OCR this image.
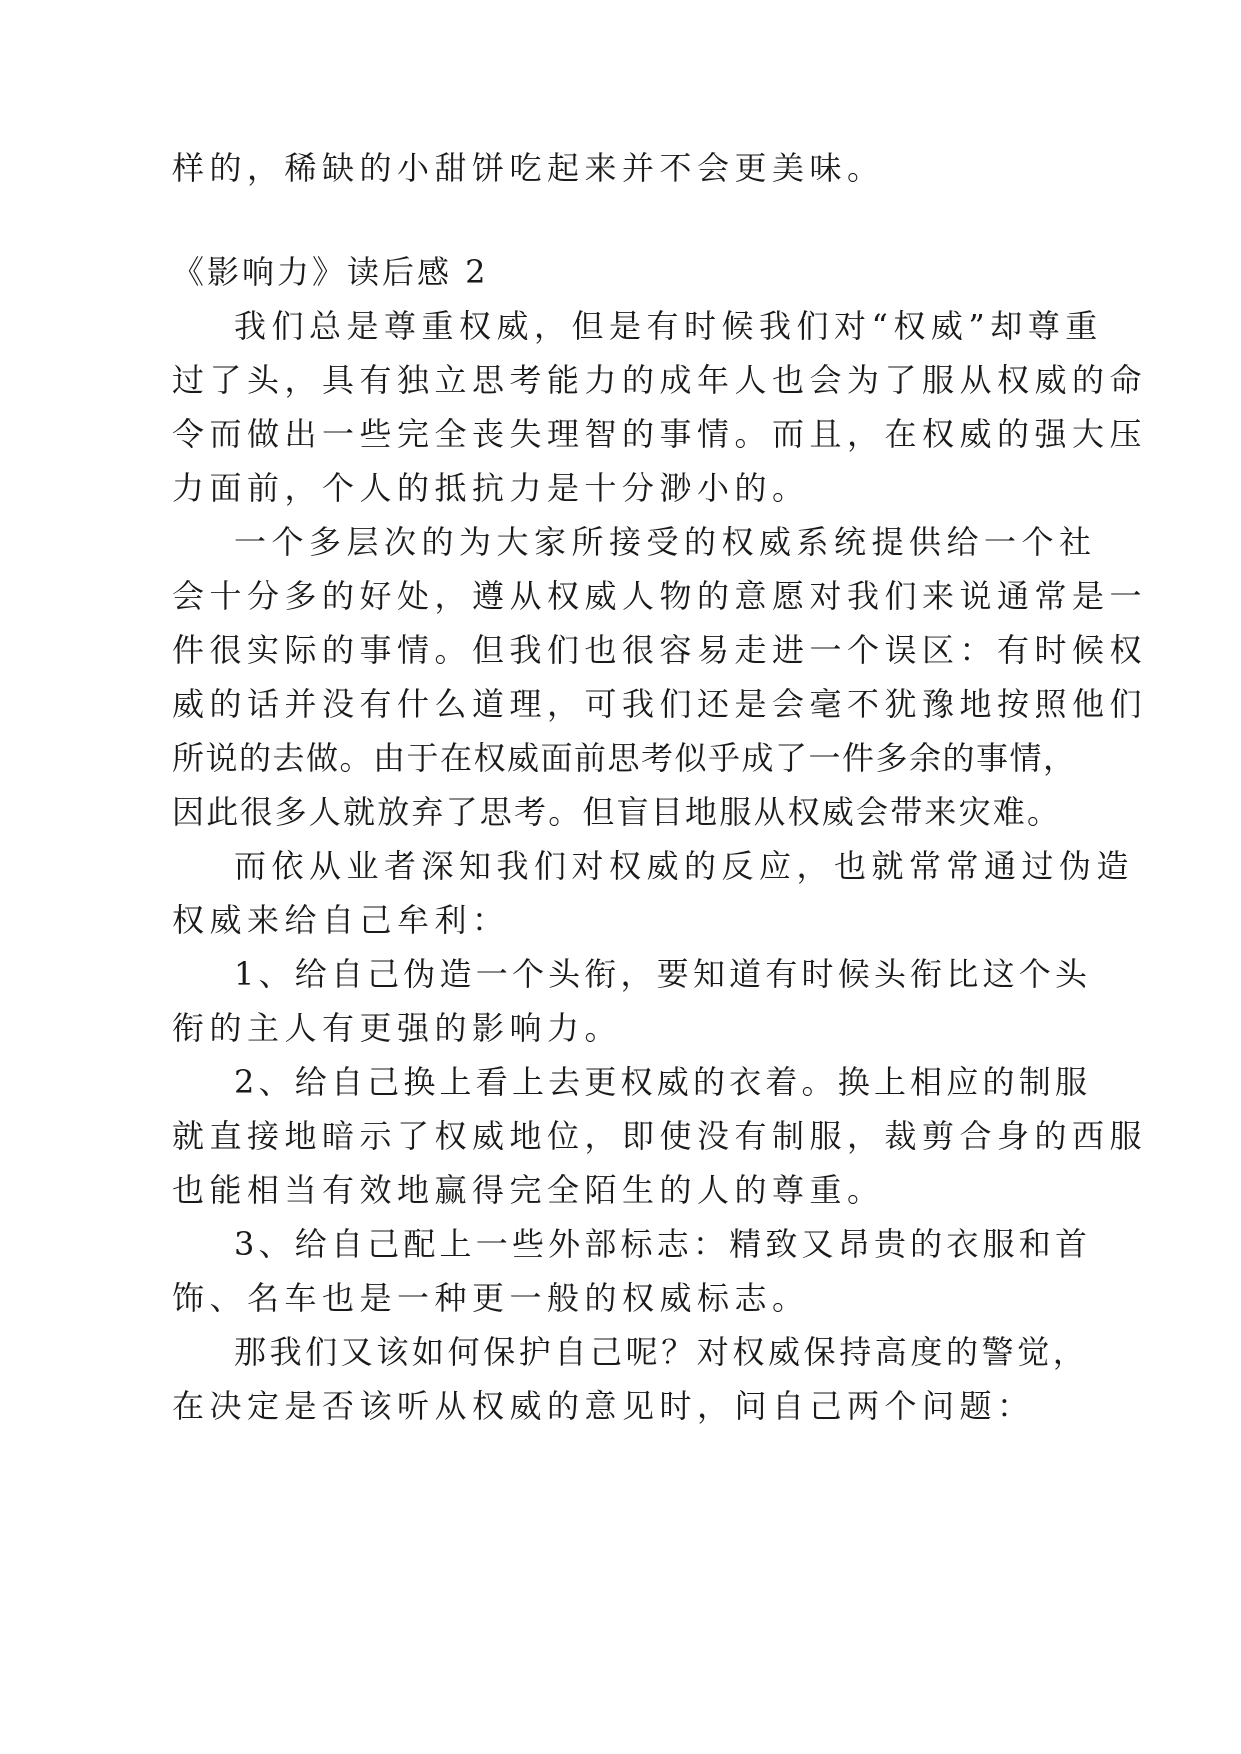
样的，稀缺的小甜饼吃起来并不会更美味。
《影响力》读后感 2
我们总是尊重权威，但是有时候我们对“权威”却尊重
过了头，具有独立思考能力的成年人也会为了服从权威的命
令而做出一些完全丧失理智的事情。而且，在权威的强大压
力面前，个人的抵抗力是十分渺小的。
一个多层次的为大家所接受的权威系统提供给一个社
会十分多的好处，遵从权威人物的意愿对我们来说通常是一
件很实际的事情。但我们也很容易走进一个误区：有时候权
威的话并没有什么道理，可我们还是会毫不犹豫地按照他们
所说的去做。由于在权威面前思考似乎成了一件多余的事情，
因此很多人就放弃了思考。但盲目地服从权威会带来灾难。
而依从业者深知我们对权威的反应，也就常常通过伪造
权威来给自己牟利：
1、给自己伪造一个头衔，要知道有时候头衔比这个头
衔的主人有更强的影响力。
2、给自己换上看上去更权威的衣着。换上相应的制服
就直接地暗示了权威地位，即使没有制服，裁剪合身的西服
也能相当有效地赢得完全陌生的人的尊重。
3、给自己配上一些外部标志：精致又昂贵的衣服和首
饰、名车也是一种更一般的权威标志。
那我们又该如何保护自己呢？对权威保持高度的警觉，
在决定是否该听从权威的意见时，问自己两个问题：
